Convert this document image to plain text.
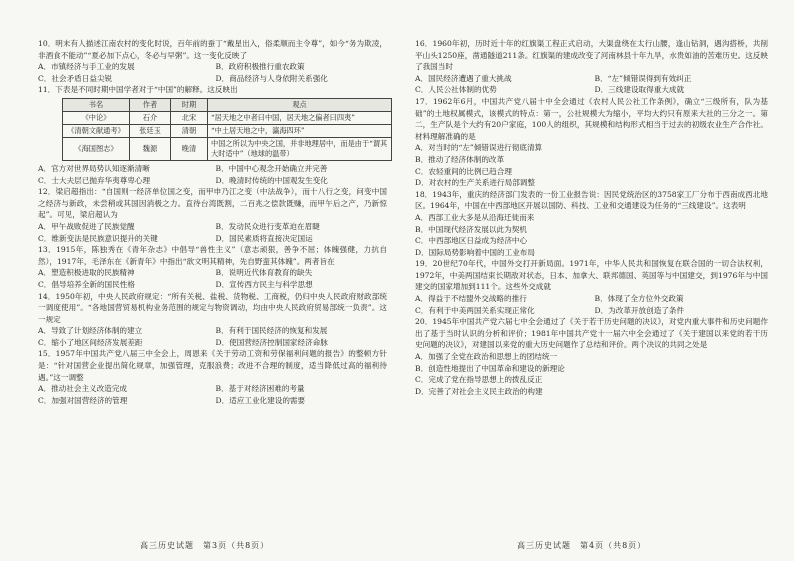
10．明末有人描述江南农村的变化时说，百年前的蚕丁“戴星出入，俗柔顺而主令尊”，如今“务为欺凌，非酒食不能动”“夏必加下点心，冬必与早粥”。这一变化反映了

A．市镇经济与手工业的发展	B．政府积极推行重农政策
C．社会矛盾日益尖锐	D．商品经济与人身依附关系强化

11．下表是不同时期中国学者对于“中国”的解释。这反映出

书名	作者	时期	观点
《中论》	石介	北宋	“居天地之中者曰中国，居天地之偏者曰四夷”
《清朝文献通考》	张廷玉	清朝	“中土居天地之中，瀛海四环”
《海国图志》	魏源	晚清	中国之所以为中央之国，并非地理居中，而是由于“谓其大时适中”（地球的温带）
A．官方对世界局势认知逐渐清晰	B．中国中心观念开始确立并完善
C．士大夫层已抛弃华夷尊卑心理	D．晚清时传统的中国观发生变化

12．梁启超指出：“自国则一经济单位国之变，而甲申乃江之变（中法战争），而十八行之变，问变中国之经济与新政，未尝稍或其国因消极之力。直待台湾既割，二百兆之偿款既赚，而甲午后之产，乃新惊起”。可见，梁启超认为

A．甲午战败促进了民族觉醒	B．发动民众进行变革迫在眉睫
C．维新变法是民族意识提升的关键	D．国民素质将直接决定国运

13．1915年，陈独秀在《青年杂志》中倡导“兽性主义”（意志顽狠，善争不屈；体魄强健，力抗自然），1917年，毛泽东在《新青年》中指出“欲文明其精神，先自野蛮其体魄”。两者旨在

A．塑造积极进取的民族精神	B．说明近代体育教育的缺失
C．倡导培养全新的国民性格	D．宣传西方民主与科学思想

14．1950年初，中央人民政府规定：“所有关税、盐税、货物税、工商税，仍归中央人民政府财政部统一调度使用”。“各地国营贸易机构业务范围的规定与物资调动，均由中央人民政府贸易部统一负责”。这一规定

A．导致了计划经济体制的建立	B．有利于国民经济的恢复和发展
C．缩小了地区间经济发展差距	D．使国营经济控制国家经济命脉

15．1957年中国共产党八届三中全会上，周恩来《关于劳动工资和劳保福利问题的报告》的整顿方针是：“针对国营企业提出简化规章，加强管理，克服浪费；改进不合理的制度，适当降低过高的福利待遇。”这一调整

A．推动社会主义改造完成	B．基于对经济困难的考量
C．加强对国营经济的管理	D．适应工业化建设的需要
高三历史试题　第3页（共8页）

16．1960年初，历时近十年的红旗渠工程正式启动，大渠盘绕在太行山腰，逢山钻洞，遇沟搭桥，共削平山头1250座，凿通隧道211条。红旗渠的建成改变了河南林县十年九旱，水贵如油的苦难历史。这反映了我国当时

A．国民经济遭遇了重大挑战	B．“左”倾错误得到有效纠正
C．人民公社体制的优势	D．三线建设取得重大成就

17．1962年6月，中国共产党八届十中全会通过《农村人民公社工作条例》，确立“三级所有，队为基础”的土地权属模式，该模式的特点：第一，公社规模大为缩小，平均大约只有原来大社的三分之一。第二，生产队是个大约有20户家庭，100人的组织，其规模和结构形式相当于过去的初级农业生产合作社。材料理解准确的是

A．对当时的“左”倾错误进行彻底清算
B．推动了经济体制的改革
C．农轻重间的比例已趋合理
D．对农村的生产关系进行局部调整

18．1943年，重庆的经济部门发表的一份工业报告说：因民党统治区的3758家工厂分布于西南成西北地区。1964年，中国在中西部地区开展以国防、科技、工业和交通建设为任务的“三线建设”。这表明

A．西部工业大多是从沿海迁徙而来
B．中国现代经济发展以此为契机
C．中西部地区日益成为经济中心
D．国际局势影响着中国的工业布局

19．20世纪70年代，中国外交打开新局面。1971年，中华人民共和国恢复在联合国的一切合法权利，1972年，中美两国结束长期敌对状态，日本、加拿大、联邦德国、英国等与中国建交，到1976年与中国建交的国家增加到111个。这些外交成就

A．得益于不结盟外交战略的推行	B．体现了全方位外交政策
C．有利于中美两国关系实现正常化	D．为改革开放创造了条件

20．1945年中国共产党六届七中全会通过了《关于若干历史问题的决议》，对党内重大事件和历史问题作出了基于当时认识的分析和评价；1981年中国共产党十一届六中全会通过了《关于建国以来党的若干历史问题的决议》，对建国以来党的重大历史问题作了总结和评价。两个决议的共同之处是

A．加强了全党在政治和思想上的团结统一
B．创造性地提出了中国革命和建设的新理论
C．完成了党在指导思想上的拨乱反正
D．完善了对社会主义民主政治的构建
高三历史试题　第4页（共8页）
